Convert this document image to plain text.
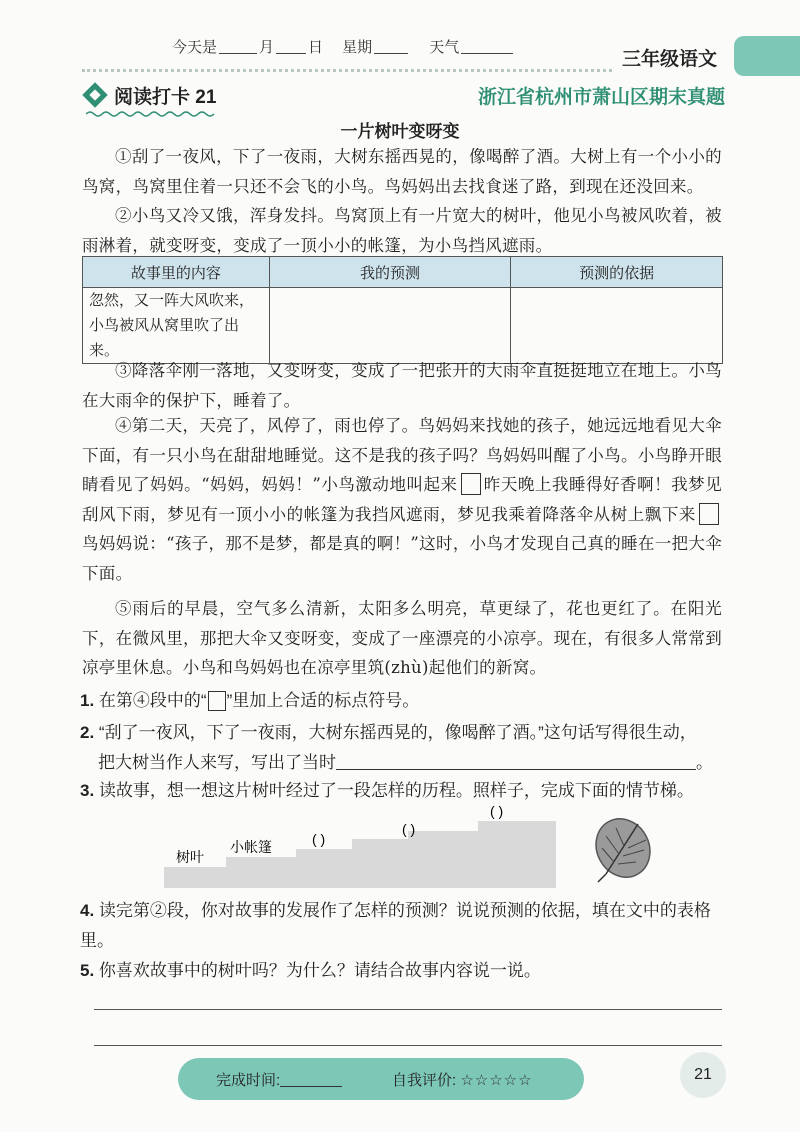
今天是	月 日 星期	天气
三年级语文
阅读打卡 21	浙江省杭州市萧山区期末真题
一片树叶变呀变
①刮了一夜风，下了一夜雨，大树东摇西晃的，像喝醉了酒。大树上有一个小小的鸟窝，鸟窝里住着一只还不会飞的小鸟。鸟妈妈出去找食迷了路，到现在还没回来。
②小鸟又冷又饿，浑身发抖。鸟窝顶上有一片宽大的树叶，他见小鸟被风吹着，被雨淋着，就变呀变，变成了一顶小小的帐篷，为小鸟挡风遮雨。
故事里的内容	我的预测	预测的依据
忽然，又一阵大风吹来，小鸟被风从窝里吹了出来。		
③降落伞刚一落地，又变呀变，变成了一把张开的大雨伞直挺挺地立在地上。小鸟在大雨伞的保护下，睡着了。
④第二天，天亮了，风停了，雨也停了。鸟妈妈来找她的孩子，她远远地看见大伞下面，有一只小鸟在甜甜地睡觉。这不是我的孩子吗？鸟妈妈叫醒了小鸟。小鸟睁开眼睛看见了妈妈。“妈妈，妈妈！”小鸟激动地叫起来 昨天晚上我睡得好香啊！我梦见刮风下雨，梦见有一顶小小的帐篷为我挡风遮雨，梦见我乘着降落伞从树上飘下来鸟妈妈说：“孩子，那不是梦，都是真的啊！”这时，小鸟才发现自己真的睡在一把大伞下面。
⑤雨后的早晨，空气多么清新，太阳多么明亮，草更绿了，花也更红了。在阳光下，在微风里，那把大伞又变呀变，变成了一座漂亮的小凉亭。现在，有很多人常常到凉亭里休息。小鸟和鸟妈妈也在凉亭里筑(zhù)起他们的新窝。
1. 在第④段中的“ ”里加上合适的标点符号。
2. “刮了一夜风，下了一夜雨，大树东摇西晃的，像喝醉了酒。”这句话写得很生动，
把大树当作人来写，写出了当时	。
3. 读故事，想一想这片树叶经过了一段怎样的历程。照样子，完成下面的情节梯。
树叶
小帐篷	( )
( )
( )
4. 读完第②段，你对故事的发展作了怎样的预测？说说预测的依据，填在文中的表格里。
5. 你喜欢故事中的树叶吗？为什么？请结合故事内容说一说。
完成时间:	自我评价: ☆☆☆☆☆	21
